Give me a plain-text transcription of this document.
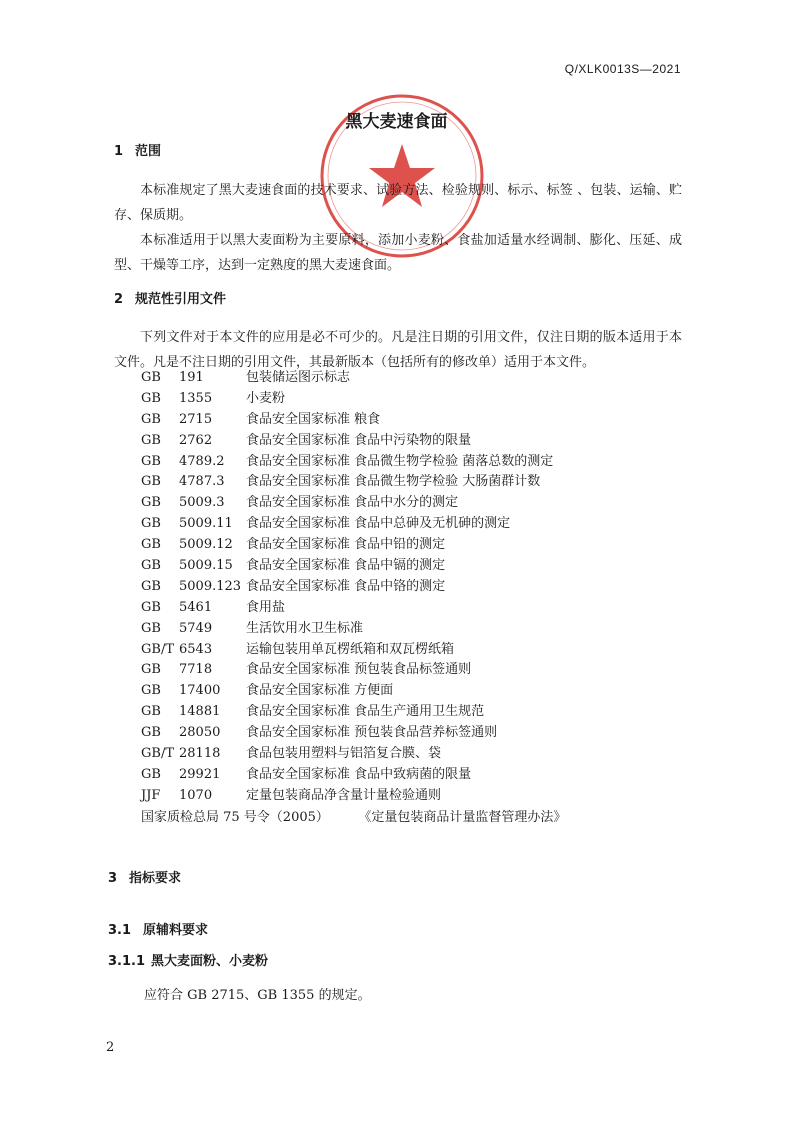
Q/XLK0013S—2021
黑大麦速食面
1 范围
本标准规定了黑大麦速食面的技术要求、试验方法、检验规则、标示、标签 、包装、运输、贮存、保质期。
本标准适用于以黑大麦面粉为主要原料，添加小麦粉、食盐加适量水经调制、膨化、压延、成型、干燥等工序，达到一定熟度的黑大麦速食面。
2 规范性引用文件
下列文件对于本文件的应用是必不可少的。凡是注日期的引用文件，仅注日期的版本适用于本文件。凡是不注日期的引用文件，其最新版本（包括所有的修改单）适用于本文件。
GB 191	包装储运图示标志
GB 1355	小麦粉
GB 2715	食品安全国家标准 粮食
GB 2762	食品安全国家标准 食品中污染物的限量
GB 4789.2 食品安全国家标准 食品微生物学检验 菌落总数的测定
GB 4787.3 食品安全国家标准 食品微生物学检验 大肠菌群计数
GB 5009.3 食品安全国家标准 食品中水分的测定
GB 5009.11 食品安全国家标准 食品中总砷及无机砷的测定
GB 5009.12 食品安全国家标准 食品中铅的测定
GB 5009.15 食品安全国家标准 食品中镉的测定
GB 5009.123 食品安全国家标准 食品中铬的测定
GB 5461	食用盐
GB 5749	生活饮用水卫生标准
GB/T 6543	运输包装用单瓦楞纸箱和双瓦楞纸箱
GB 7718	食品安全国家标准 预包装食品标签通则
GB 17400 食品安全国家标准 方便面
GB 14881 食品安全国家标准 食品生产通用卫生规范
GB 28050 食品安全国家标准 预包装食品营养标签通则
GB/T 28118 食品包装用塑料与铝箔复合膜、袋
GB 29921 食品安全国家标准 食品中致病菌的限量
JJF 1070	定量包装商品净含量计量检验通则
国家质检总局 75 号令（2005）	《定量包装商品计量监督管理办法》
3 指标要求
3.1 原辅料要求
3.1.1 黑大麦面粉、小麦粉
应符合 GB 2715、GB 1355 的规定。
2
